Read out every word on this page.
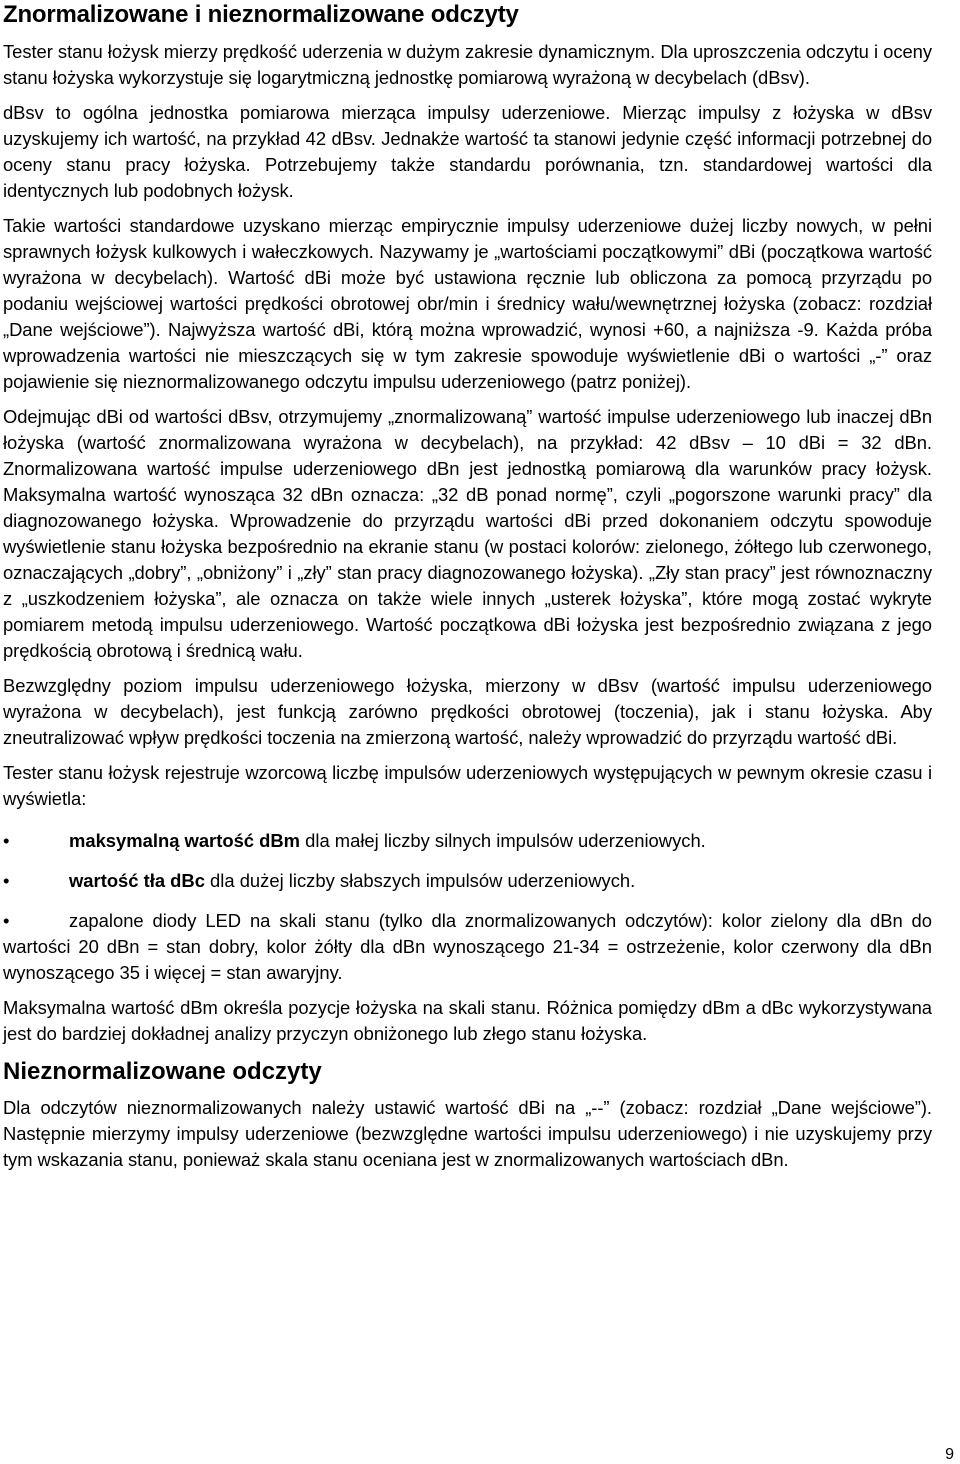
Znormalizowane i nieznormalizowane odczyty

Tester stanu łożysk mierzy prędkość uderzenia w dużym zakresie dynamicznym. Dla uproszczenia odczytu i oceny stanu łożyska wykorzystuje się logarytmiczną jednostkę pomiarową wyrażoną w decybelach (dBsv).

dBsv to ogólna jednostka pomiarowa mierząca impulsy uderzeniowe. Mierząc impulsy z łożyska w dBsv uzyskujemy ich wartość, na przykład 42 dBsv. Jednakże wartość ta stanowi jedynie część informacji potrzebnej do oceny stanu pracy łożyska. Potrzebujemy także standardu porównania, tzn. standardowej wartości dla identycznych lub podobnych łożysk.

Takie wartości standardowe uzyskano mierząc empirycznie impulsy uderzeniowe dużej liczby nowych, w pełni sprawnych łożysk kulkowych i wałeczkowych. Nazywamy je „wartościami początkowymi” dBi (początkowa wartość wyrażona w decybelach). Wartość dBi może być ustawiona ręcznie lub obliczona za pomocą przyrządu po podaniu wejściowej wartości prędkości obrotowej obr/min i średnicy wału/wewnętrznej łożyska (zobacz: rozdział „Dane wejściowe”). Najwyższa wartość dBi, którą można wprowadzić, wynosi +60, a najniższa -9. Każda próba wprowadzenia wartości nie mieszczących się w tym zakresie spowoduje wyświetlenie dBi o wartości „-” oraz pojawienie się nieznormalizowanego odczytu impulsu uderzeniowego (patrz poniżej).

Odejmując dBi od wartości dBsv, otrzymujemy „znormalizowaną” wartość impulse uderzeniowego lub inaczej dBn łożyska (wartość znormalizowana wyrażona w decybelach), na przykład: 42 dBsv – 10 dBi = 32 dBn. Znormalizowana wartość impulse uderzeniowego dBn jest jednostką pomiarową dla warunków pracy łożysk. Maksymalna wartość wynosząca 32 dBn oznacza: „32 dB ponad normę”, czyli „pogorszone warunki pracy” dla diagnozowanego łożyska. Wprowadzenie do przyrządu wartości dBi przed dokonaniem odczytu spowoduje wyświetlenie stanu łożyska bezpośrednio na ekranie stanu (w postaci kolorów: zielonego, żółtego lub czerwonego, oznaczających „dobry”, „obniżony” i „zły” stan pracy diagnozowanego łożyska). „Zły stan pracy” jest równoznaczny z „uszkodzeniem łożyska”, ale oznacza on także wiele innych „usterek łożyska”, które mogą zostać wykryte pomiarem metodą impulsu uderzeniowego. Wartość początkowa dBi łożyska jest bezpośrednio związana z jego prędkością obrotową i średnicą wału.

Bezwzględny poziom impulsu uderzeniowego łożyska, mierzony w dBsv (wartość impulsu uderzeniowego wyrażona w decybelach), jest funkcją zarówno prędkości obrotowej (toczenia), jak i stanu łożyska. Aby zneutralizować wpływ prędkości toczenia na zmierzoną wartość, należy wprowadzić do przyrządu wartość dBi.

Tester stanu łożysk rejestruje wzorcową liczbę impulsów uderzeniowych występujących w pewnym okresie czasu i wyświetla:

•	maksymalną wartość dBm dla małej liczby silnych impulsów uderzeniowych.
•	wartość tła dBc dla dużej liczby słabszych impulsów uderzeniowych.
•	zapalone diody LED na skali stanu (tylko dla znormalizowanych odczytów): kolor zielony dla dBn do wartości 20 dBn = stan dobry, kolor żółty dla dBn wynoszącego 21-34 = ostrzeżenie, kolor czerwony dla dBn wynoszącego 35 i więcej = stan awaryjny.

Maksymalna wartość dBm określa pozycje łożyska na skali stanu. Różnica pomiędzy dBm a dBc wykorzystywana jest do bardziej dokładnej analizy przyczyn obniżonego lub złego stanu łożyska.

Nieznormalizowane odczyty

Dla odczytów nieznormalizowanych należy ustawić wartość dBi na „--” (zobacz: rozdział „Dane wejściowe”). Następnie mierzymy impulsy uderzeniowe (bezwzględne wartości impulsu uderzeniowego) i nie uzyskujemy przy tym wskazania stanu, ponieważ skala stanu oceniana jest w znormalizowanych wartościach dBn.

9
